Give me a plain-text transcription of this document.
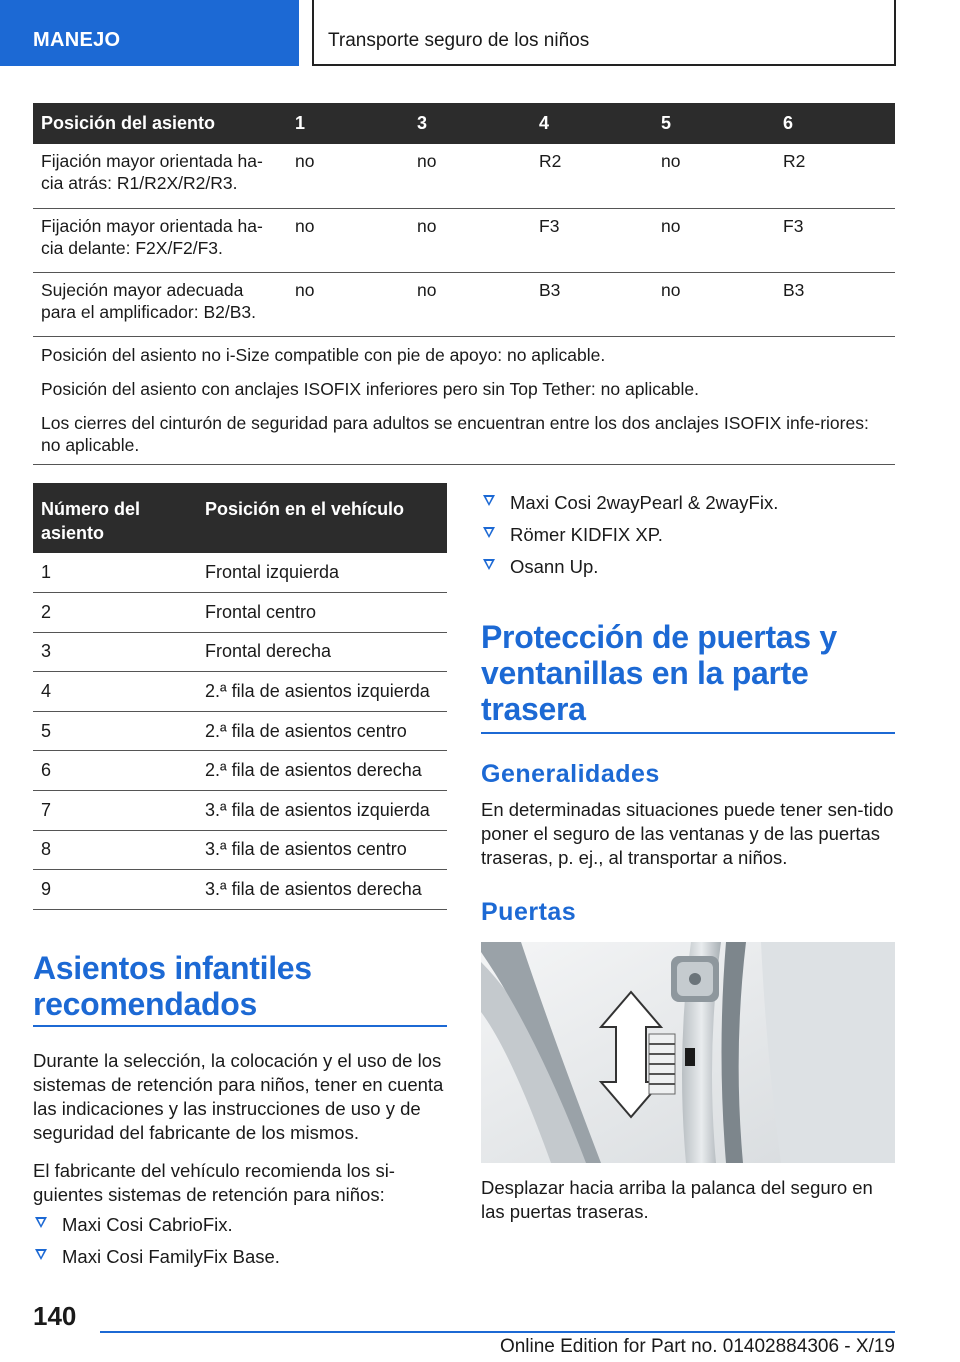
MANEJO	Transporte seguro de los niños
Posición del asiento	1	3	4	5	6
Fijación mayor orientada ha-cia atrás: R1/R2X/R2/R3.	no	no	R2	no	R2
Fijación mayor orientada ha-cia delante: F2X/F2/F3.	no	no	F3	no	F3
Sujeción mayor adecuada para el amplificador: B2/B3.	no	no	B3	no	B3

Posición del asiento no i-Size compatible con pie de apoyo: no aplicable.

Posición del asiento con anclajes ISOFIX inferiores pero sin Top Tether: no aplicable.

Los cierres del cinturón de seguridad para adultos se encuentran entre los dos anclajes ISOFIX infe-riores: no aplicable.					

Número del asiento	Posición en el vehículo
1	Frontal izquierda
2	Frontal centro
3	Frontal derecha
4	2.ª fila de asientos izquierda
5	2.ª fila de asientos centro
6	2.ª fila de asientos derecha
7	3.ª fila de asientos izquierda
8	3.ª fila de asientos centro
9	3.ª fila de asientos derecha
Asientos infantiles recomendados
Durante la selección, la colocación y el uso de los sistemas de retención para niños, tener en cuenta las indicaciones y las instrucciones de uso y de seguridad del fabricante de los mismos.
El fabricante del vehículo recomienda los si-guientes sistemas de retención para niños:
Maxi Cosi CabrioFix.
Maxi Cosi FamilyFix Base.
Maxi Cosi 2wayPearl & 2wayFix.
Römer KIDFIX XP.
Osann Up.
Protección de puertas y ventanillas en la parte trasera
Generalidades
En determinadas situaciones puede tener sen-tido poner el seguro de las ventanas y de las puertas traseras, p. ej., al transportar a niños.
Puertas
Desplazar hacia arriba la palanca del seguro en las puertas traseras.
140
Online Edition for Part no. 01402884306 - X/19
